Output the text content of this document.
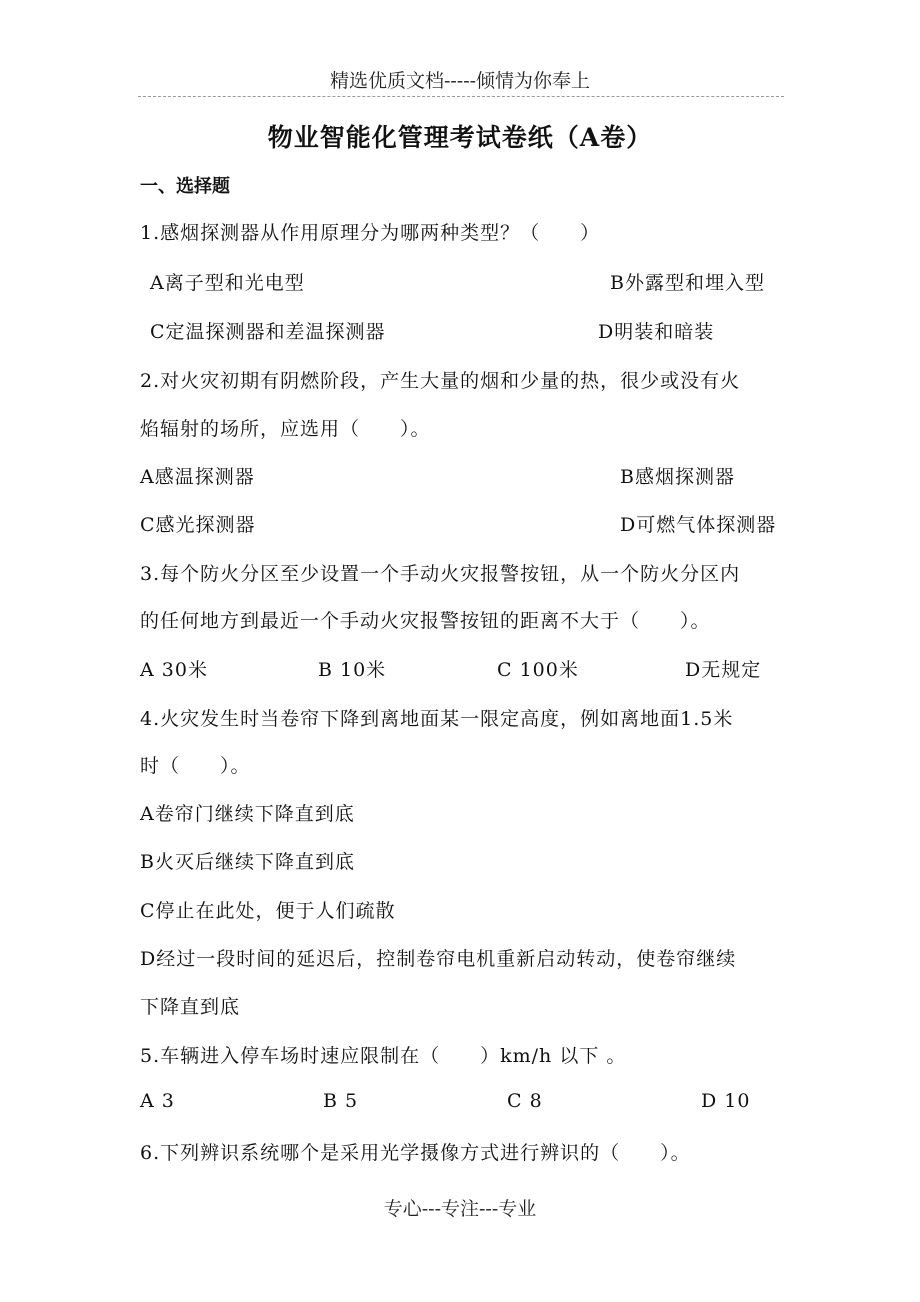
精选优质文档-----倾情为你奉上
物业智能化管理考试卷纸（A卷）
一、选择题
1.感烟探测器从作用原理分为哪两种类型？（　　）
A离子型和光电型	B外露型和埋入型
C定温探测器和差温探测器	D明装和暗装
2.对火灾初期有阴燃阶段，产生大量的烟和少量的热，很少或没有火
焰辐射的场所，应选用（　　）。
A感温探测器	B感烟探测器
C感光探测器	D可燃气体探测器
3.每个防火分区至少设置一个手动火灾报警按钮，从一个防火分区内
的任何地方到最近一个手动火灾报警按钮的距离不大于（　　）。
A 30米	B 10米	C 100米	D无规定
4.火灾发生时当卷帘下降到离地面某一限定高度，例如离地面1.5米
时（　　）。
A卷帘门继续下降直到底
B火灭后继续下降直到底
C停止在此处，便于人们疏散
D经过一段时间的延迟后，控制卷帘电机重新启动转动，使卷帘继续
下降直到底
5.车辆进入停车场时速应限制在（　　）km/h 以下 。
A 3	B 5	C 8	D 10
6.下列辨识系统哪个是采用光学摄像方式进行辨识的（　　）。
专心---专注---专业
